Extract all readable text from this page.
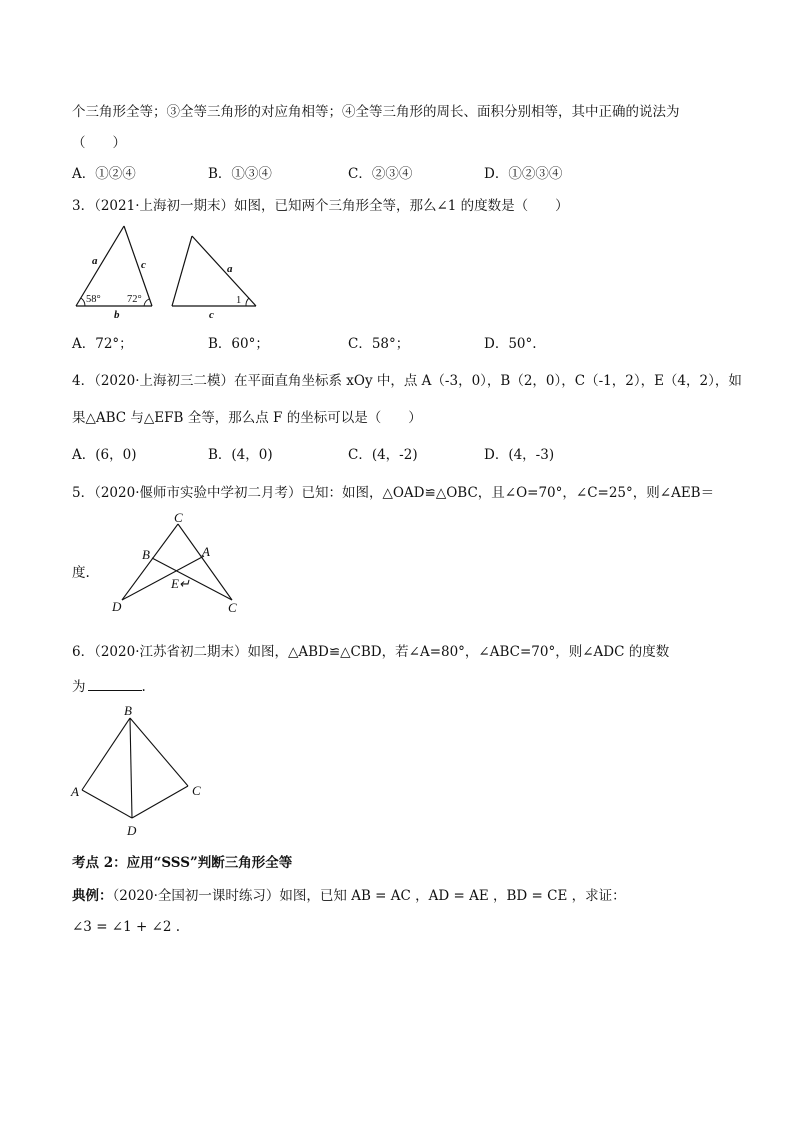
个三角形全等；③全等三角形的对应角相等；④全等三角形的周长、面积分别相等，其中正确的说法为
（　　）
A．①②④	B．①③④	C．②③④	D．①②③④
3．（2021·上海初一期末）如图，已知两个三角形全等，那么∠1 的度数是（　　）
a	c
b
58°	72°
a
c
1
A．72°；	B．60°；	C．58°；	D．50°.
4．（2020·上海初三二模）在平面直角坐标系 xOy 中，点 A（-3，0），B（2，0），C（-1，2），E（4，2），如
果△ABC 与△EFB 全等，那么点 F 的坐标可以是（　　）
A．(6，0)	B．(4，0)	C．(4，-2)	D．(4，-3)
5．（2020·偃师市实验中学初二月考）已知：如图，△OAD≌△OBC，且∠O=70°，∠C=25°，则∠AEB＝
度.
C
B	A
E↵
D	C
6．（2020·江苏省初二期末）如图，△ABD≌△CBD，若∠A=80°，∠ABC=70°，则∠ADC 的度数
为	.
B
A	C
D
考点 2：应用“SSS”判断三角形全等
典例：（2020·全国初一课时练习）如图，已知 AB = AC ，AD = AE ，BD = CE ，求证：
∠3 = ∠1 + ∠2 .
